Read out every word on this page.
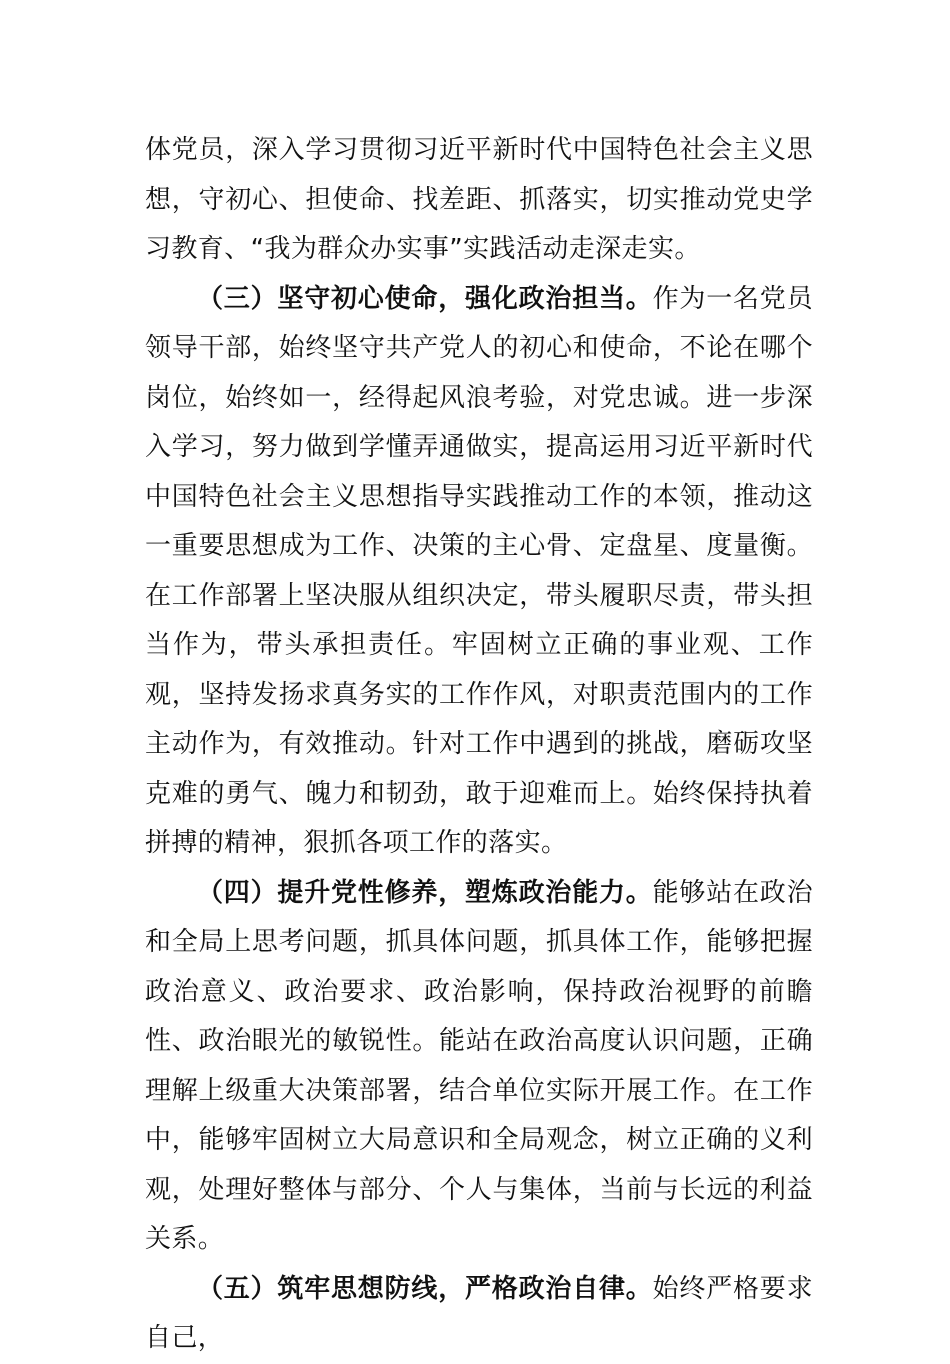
体党员，深入学习贯彻习近平新时代中国特色社会主义思想，守初心、担使命、找差距、抓落实，切实推动党史学习教育、“我为群众办实事”实践活动走深走实。

（三）坚守初心使命，强化政治担当。作为一名党员领导干部，始终坚守共产党人的初心和使命，不论在哪个岗位，始终如一，经得起风浪考验，对党忠诚。进一步深入学习，努力做到学懂弄通做实，提高运用习近平新时代中国特色社会主义思想指导实践推动工作的本领，推动这一重要思想成为工作、决策的主心骨、定盘星、度量衡。在工作部署上坚决服从组织决定，带头履职尽责，带头担当作为，带头承担责任。牢固树立正确的事业观、工作观，坚持发扬求真务实的工作作风，对职责范围内的工作主动作为，有效推动。针对工作中遇到的挑战，磨砺攻坚克难的勇气、魄力和韧劲，敢于迎难而上。始终保持执着拼搏的精神，狠抓各项工作的落实。

（四）提升党性修养，塑炼政治能力。能够站在政治和全局上思考问题，抓具体问题，抓具体工作，能够把握政治意义、政治要求、政治影响，保持政治视野的前瞻性、政治眼光的敏锐性。能站在政治高度认识问题，正确理解上级重大决策部署，结合单位实际开展工作。在工作中，能够牢固树立大局意识和全局观念，树立正确的义利观，处理好整体与部分、个人与集体，当前与长远的利益关系。

（五）筑牢思想防线，严格政治自律。始终严格要求自己，
